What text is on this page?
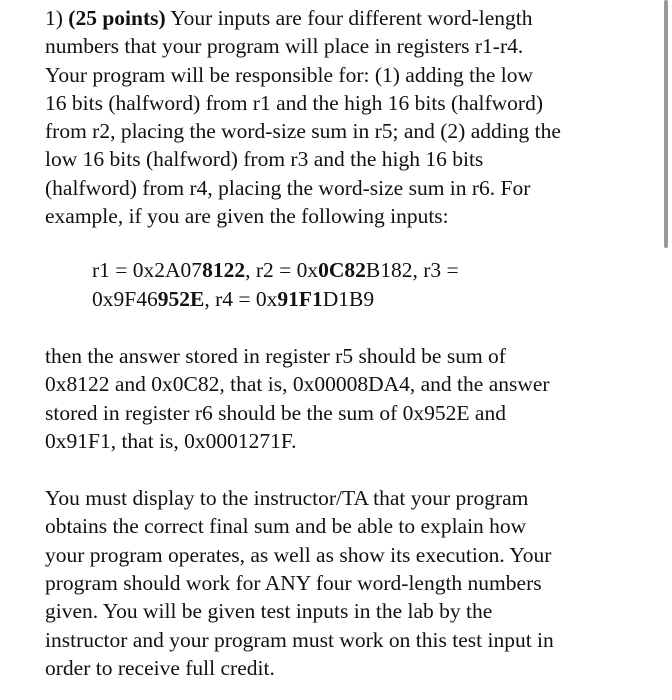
1) (25 points) Your inputs are four different word-length
numbers that your program will place in registers r1-r4.
Your program will be responsible for: (1) adding the low
16 bits (halfword) from r1 and the high 16 bits (halfword)
from r2, placing the word-size sum in r5; and (2) adding the
low 16 bits (halfword) from r3 and the high 16 bits
(halfword) from r4, placing the word-size sum in r6. For
example, if you are given the following inputs:
r1 = 0x2A078122, r2 = 0x0C82B182, r3 =
0x9F46952E, r4 = 0x91F1D1B9
then the answer stored in register r5 should be sum of
0x8122 and 0x0C82, that is, 0x00008DA4, and the answer
stored in register r6 should be the sum of 0x952E and
0x91F1, that is, 0x0001271F.
You must display to the instructor/TA that your program
obtains the correct final sum and be able to explain how
your program operates, as well as show its execution. Your
program should work for ANY four word-length numbers
given. You will be given test inputs in the lab by the
instructor and your program must work on this test input in
order to receive full credit.
